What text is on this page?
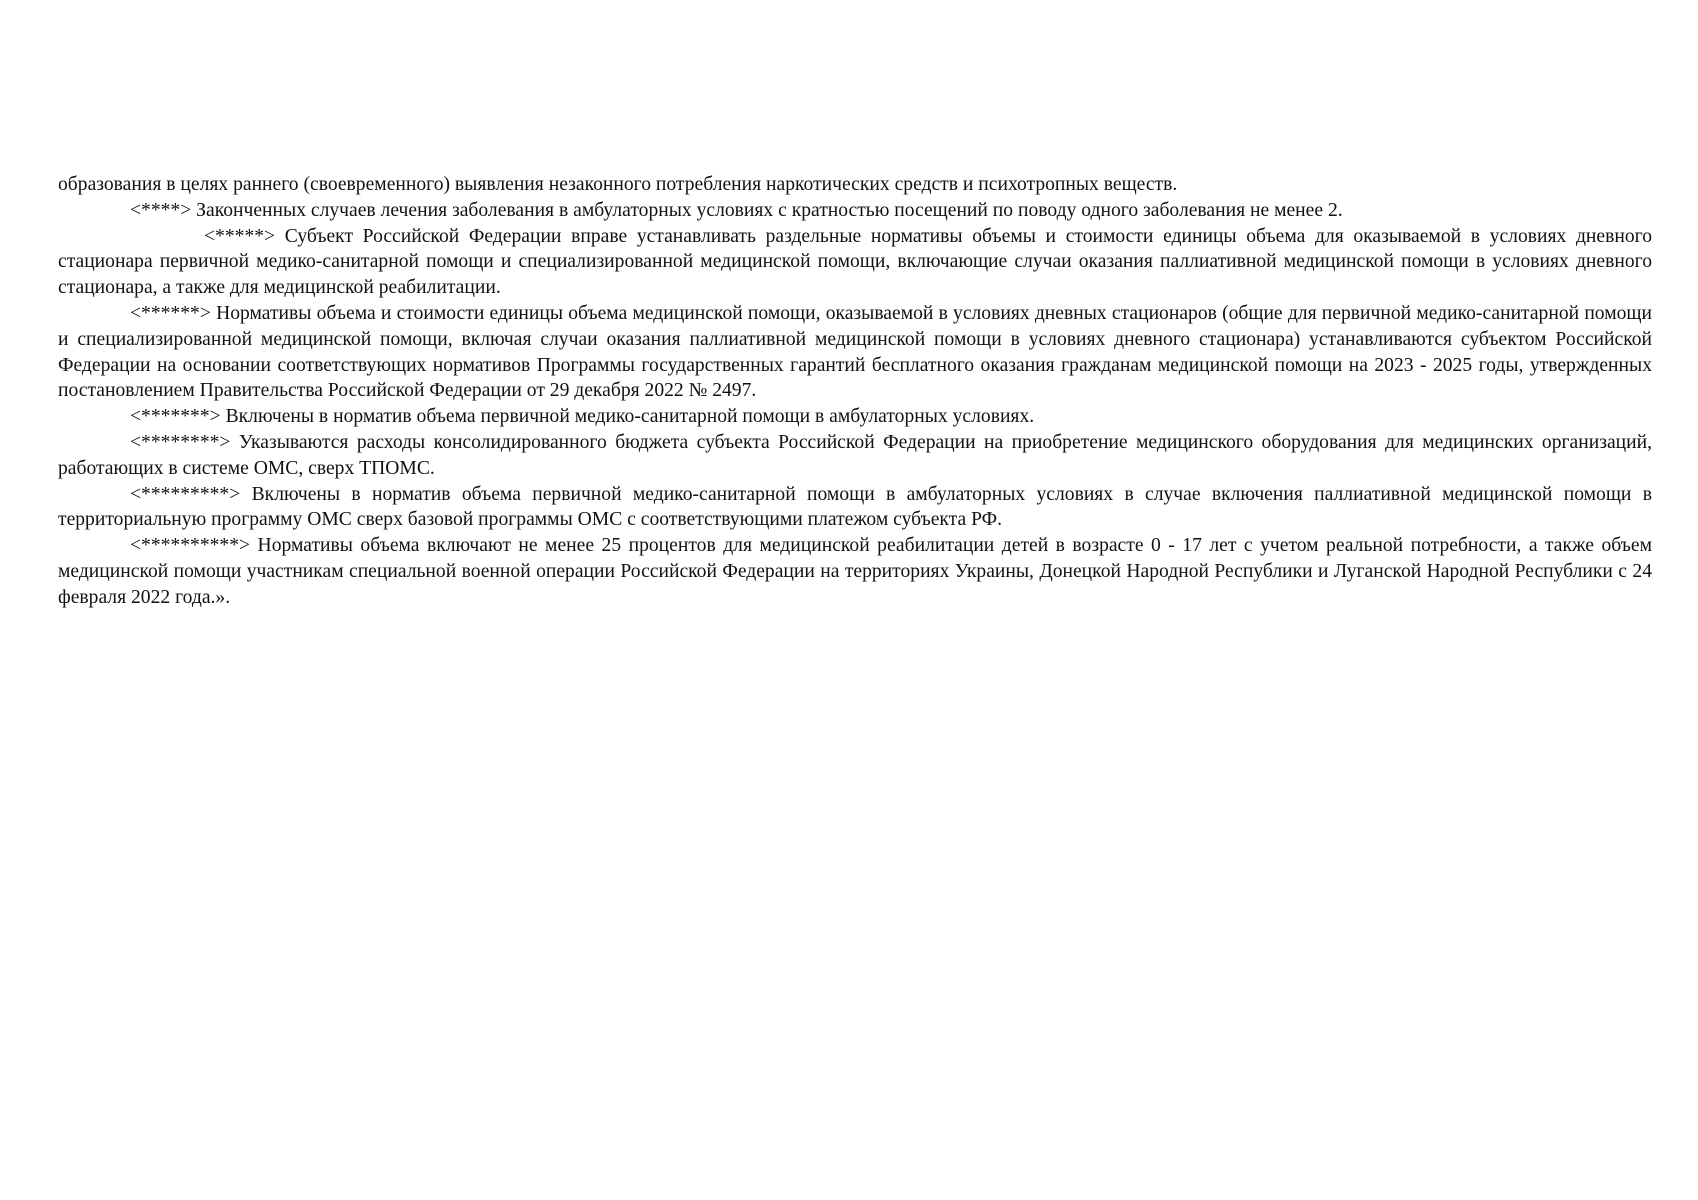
образования в целях раннего (своевременного) выявления незаконного потребления наркотических средств и психотропных веществ.

<****> Законченных случаев лечения заболевания в амбулаторных условиях с кратностью посещений по поводу одного заболевания не менее 2.

<*****> Субъект Российской Федерации вправе устанавливать раздельные нормативы объемы и стоимости единицы объема для оказываемой в условиях дневного стационара первичной медико-санитарной помощи и специализированной медицинской помощи, включающие случаи оказания паллиативной медицинской помощи в условиях дневного стационара, а также для медицинской реабилитации.

<******> Нормативы объема и стоимости единицы объема медицинской помощи, оказываемой в условиях дневных стационаров (общие для первичной медико-санитарной помощи и специализированной медицинской помощи, включая случаи оказания паллиативной медицинской помощи в условиях дневного стационара) устанавливаются субъектом Российской Федерации на основании соответствующих нормативов Программы государственных гарантий бесплатного оказания гражданам медицинской помощи на 2023 - 2025 годы, утвержденных постановлением Правительства Российской Федерации от 29 декабря 2022 № 2497.

<*******> Включены в норматив объема первичной медико-санитарной помощи в амбулаторных условиях.

<********> Указываются расходы консолидированного бюджета субъекта Российской Федерации на приобретение медицинского оборудования для медицинских организаций, работающих в системе ОМС, сверх ТПОМС.

<*********> Включены в норматив объема первичной медико-санитарной помощи в амбулаторных условиях в случае включения паллиативной медицинской помощи в территориальную программу ОМС сверх базовой программы ОМС с соответствующими платежом субъекта РФ.

<**********> Нормативы объема включают не менее 25 процентов для медицинской реабилитации детей в возрасте 0 - 17 лет с учетом реальной потребности, а также объем медицинской помощи участникам специальной военной операции Российской Федерации на территориях Украины, Донецкой Народной Республики и Луганской Народной Республики с 24 февраля 2022 года.».
